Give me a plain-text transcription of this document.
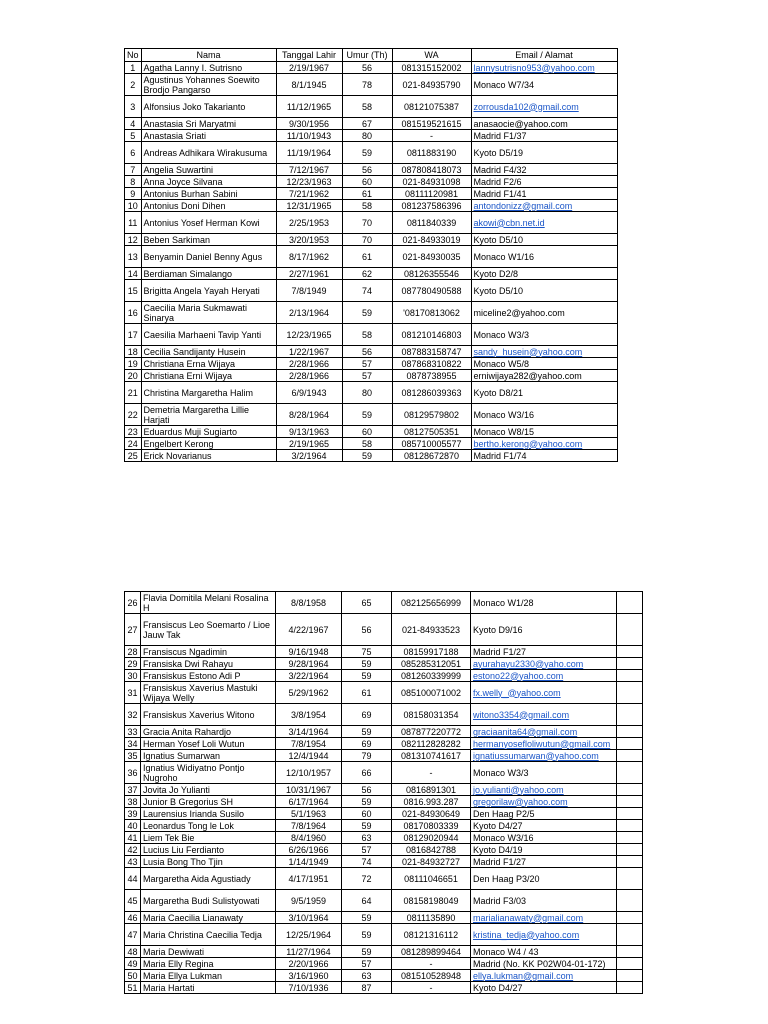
No	Nama	Tanggal Lahir	Umur (Th)	WA	Email / Alamat
1	Agatha Lanny I. Sutrisno	2/19/1967	56	081315152002	lannysutrisno953@yahoo.com
2	Agustinus Yohannes Soewito Brodjo Pangarso	8/1/1945	78	021-84935790	Monaco W7/34
3	Alfonsius Joko Takarianto	11/12/1965	58	08121075387	zorrousda102@gmail.com
4	Anastasia Sri Maryatmi	9/30/1956	67	081519521615	anasaocie@yahoo.com
5	Anastasia Sriati	11/10/1943	80	-	Madrid F1/37
6	Andreas Adhikara Wirakusuma	11/19/1964	59	0811883190	Kyoto D5/19
7	Angelia Suwartini	7/12/1967	56	087808418073	Madrid F4/32
8	Anna Joyce Silvana	12/23/1963	60	021-84931098	Madrid F2/6
9	Antonius Burhan Sabini	7/21/1962	61	08111120981	Madrid F1/41
10	Antonius Doni Dihen	12/31/1965	58	081237586396	antondonizz@gmail.com
11	Antonius Yosef Herman Kowi	2/25/1953	70	0811840339	akowi@cbn.net.id
12	Beben Sarkiman	3/20/1953	70	021-84933019	Kyoto D5/10
13	Benyamin Daniel Benny Agus	8/17/1962	61	021-84930035	Monaco W1/16
14	Berdiaman Simalango	2/27/1961	62	08126355546	Kyoto D2/8
15	Brigitta Angela Yayah Heryati	7/8/1949	74	087780490588	Kyoto D5/10
16	Caecilia Maria Sukmawati Sinarya	2/13/1964	59	'08170813062	miceline2@yahoo.com
17	Caesilia Marhaeni Tavip Yanti	12/23/1965	58	081210146803	Monaco W3/3
18	Cecilia Sandijanty Husein	1/22/1967	56	087883158747	sandy_husein@yahoo.com
19	Christiana Erna Wijaya	2/28/1966	57	087868310822	Monaco W5/8
20	Christiana Erni Wijaya	2/28/1966	57	0878738955	erniwijaya282@yahoo.com
21	Christina Margaretha Halim	6/9/1943	80	081286039363	Kyoto D8/21
22	Demetria Margaretha Lillie Harjati	8/28/1964	59	08129579802	Monaco W3/16
23	Eduardus Muji Sugiarto	9/13/1963	60	08127505351	Monaco W8/15
24	Engelbert Kerong	2/19/1965	58	085710005577	bertho.kerong@yahoo.com
25	Erick Novarianus	3/2/1964	59	08128672870	Madrid F1/74
26	Flavia Domitila Melani Rosalina H	8/8/1958	65	082125656999	Monaco W1/28	
27	Fransiscus Leo Soemarto / Lioe Jauw Tak	4/22/1967	56	021-84933523	Kyoto D9/16	
28	Fransiscus Ngadimin	9/16/1948	75	08159917188	Madrid F1/27	
29	Fransiska Dwi Rahayu	9/28/1964	59	085285312051	ayurahayu2330@yaho.com	
30	Fransiskus Estono Adi P	3/22/1964	59	081260339999	estono22@yahoo.com	
31	Fransiskus Xaverius Mastuki Wijaya Welly	5/29/1962	61	085100071002	fx.welly_@yahoo.com	
32	Fransiskus Xaverius Witono	3/8/1954	69	08158031354	witono3354@gmail.com	
33	Gracia Anita Rahardjo	3/14/1964	59	087877220772	graciaanita64@gmail.com	
34	Herman Yosef Loli Wutun	7/8/1954	69	082112828282	hermanyosefloliwutun@gmail.com	
35	Ignatius Sumarwan	12/4/1944	79	081310741617	ignatiussumarwan@yahoo.com	
36	Ignatius Widiyatno Pontjo Nugroho	12/10/1957	66	-	Monaco W3/3	
37	Jovita Jo Yulianti	10/31/1967	56	0816891301	jo.yulianti@yahoo.com	
38	Junior B Gregorius SH	6/17/1964	59	0816.993.287	gregorilaw@yahoo.com	
39	Laurensius Irianda Susilo	5/1/1963	60	021-84930649	Den Haag P2/5	
40	Leonardus Tong le Lok	7/8/1964	59	08170803339	Kyoto D4/27	
41	Liem Tek Bie	8/4/1960	63	08129020944	Monaco W3/16	
42	Lucius Liu Ferdianto	6/26/1966	57	0816842788	Kyoto D4/19	
43	Lusia Bong Tho Tjin	1/14/1949	74	021-84932727	Madrid F1/27	
44	Margaretha Aida Agustiady	4/17/1951	72	08111046651	Den Haag P3/20	
45	Margaretha Budi Sulistyowati	9/5/1959	64	08158198049	Madrid F3/03	
46	Maria Caecilia Lianawaty	3/10/1964	59	0811135890	marialianawaty@gmail.com	
47	Maria Christina Caecilia Tedja	12/25/1964	59	08121316112	kristina_tedja@yahoo.com	
48	Maria Dewiwati	11/27/1964	59	081289899464	Monaco W4 / 43	
49	Maria Elly Regina	2/20/1966	57	-	Madrid (No. KK P02W04-01-172)	
50	Maria Ellya Lukman	3/16/1960	63	081510528948	ellya.lukman@gmail.com	
51	Maria Hartati	7/10/1936	87	-	Kyoto D4/27	
